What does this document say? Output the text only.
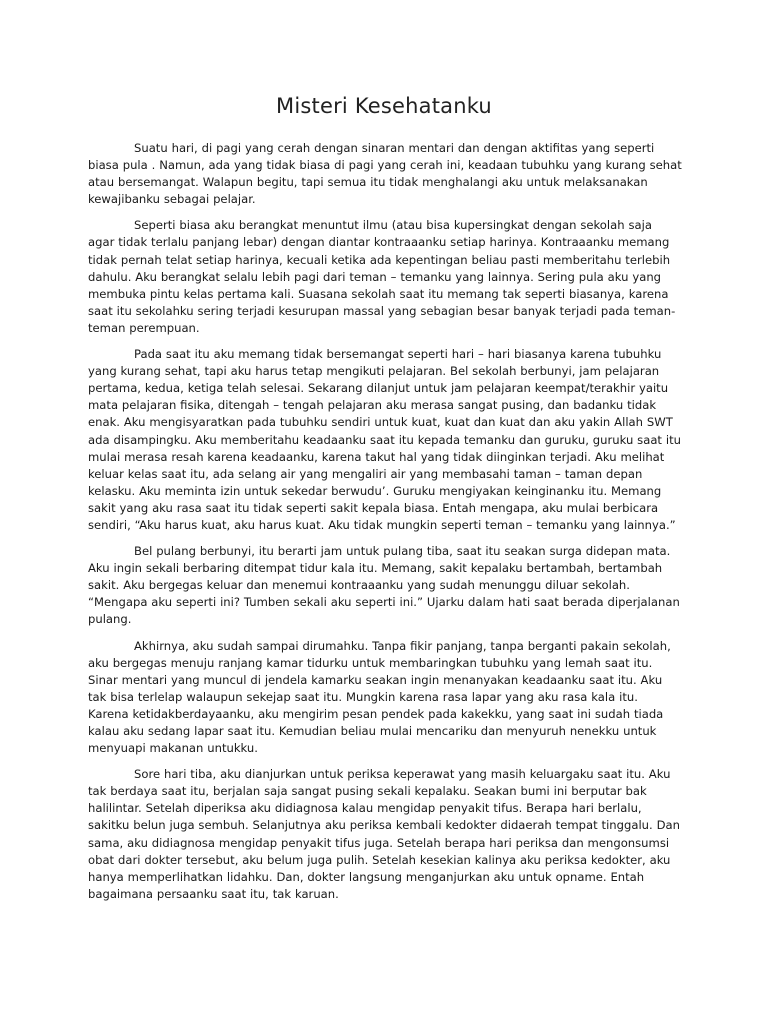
Misteri Kesehatanku

Suatu hari, di pagi yang cerah dengan sinaran mentari dan dengan aktifitas yang seperti biasa pula . Namun, ada yang tidak biasa di pagi yang cerah ini, keadaan tubuhku yang kurang sehat atau bersemangat. Walapun begitu, tapi semua itu tidak menghalangi aku untuk melaksanakan kewajibanku sebagai pelajar.

Seperti biasa aku berangkat menuntut ilmu (atau bisa kupersingkat dengan sekolah saja agar tidak terlalu panjang lebar) dengan diantar kontraaanku setiap harinya. Kontraaanku memang tidak pernah telat setiap harinya, kecuali ketika ada kepentingan beliau pasti memberitahu terlebih dahulu. Aku berangkat selalu lebih pagi dari teman – temanku yang lainnya. Sering pula aku yang membuka pintu kelas pertama kali. Suasana sekolah saat itu memang tak seperti biasanya, karena saat itu sekolahku sering terjadi kesurupan massal yang sebagian besar banyak terjadi pada teman-teman perempuan.

Pada saat itu aku memang tidak bersemangat seperti hari – hari biasanya karena tubuhku yang kurang sehat, tapi aku harus tetap mengikuti pelajaran. Bel sekolah berbunyi, jam pelajaran pertama, kedua, ketiga telah selesai. Sekarang dilanjut untuk jam pelajaran keempat/terakhir yaitu mata pelajaran fisika, ditengah – tengah pelajaran aku merasa sangat pusing, dan badanku tidak enak. Aku mengisyaratkan pada tubuhku sendiri untuk kuat, kuat dan kuat dan aku yakin Allah SWT ada disampingku. Aku memberitahu keadaanku saat itu kepada temanku dan guruku, guruku saat itu mulai merasa resah karena keadaanku, karena takut hal yang tidak diinginkan terjadi. Aku melihat keluar kelas saat itu, ada selang air yang mengaliri air yang membasahi taman – taman depan kelasku. Aku meminta izin untuk sekedar berwudu’. Guruku mengiyakan keinginanku itu. Memang sakit yang aku rasa saat itu tidak seperti sakit kepala biasa. Entah mengapa, aku mulai berbicara sendiri, “Aku harus kuat, aku harus kuat. Aku tidak mungkin seperti teman – temanku yang lainnya.”

Bel pulang berbunyi, itu berarti jam untuk pulang tiba, saat itu seakan surga didepan mata. Aku ingin sekali berbaring ditempat tidur kala itu. Memang, sakit kepalaku bertambah, bertambah sakit. Aku bergegas keluar dan menemui kontraaanku yang sudah menunggu diluar sekolah. “Mengapa aku seperti ini? Tumben sekali aku seperti ini.” Ujarku dalam hati saat berada diperjalanan pulang.

Akhirnya, aku sudah sampai dirumahku. Tanpa fikir panjang, tanpa berganti pakain sekolah, aku bergegas menuju ranjang kamar tidurku untuk membaringkan tubuhku yang lemah saat itu. Sinar mentari yang muncul di jendela kamarku seakan ingin menanyakan keadaanku saat itu. Aku tak bisa terlelap walaupun sekejap saat itu. Mungkin karena rasa lapar yang aku rasa kala itu. Karena ketidakberdayaanku, aku mengirim pesan pendek pada kakekku, yang saat ini sudah tiada kalau aku sedang lapar saat itu. Kemudian beliau mulai mencariku dan menyuruh nenekku untuk menyuapi makanan untukku.

Sore hari tiba, aku dianjurkan untuk periksa keperawat yang masih keluargaku saat itu. Aku tak berdaya saat itu, berjalan saja sangat pusing sekali kepalaku. Seakan bumi ini berputar bak halilintar. Setelah diperiksa aku didiagnosa kalau mengidap penyakit tifus. Berapa hari berlalu, sakitku belun juga sembuh. Selanjutnya aku periksa kembali kedokter didaerah tempat tinggalu. Dan sama, aku didiagnosa mengidap penyakit tifus juga. Setelah berapa hari periksa dan mengonsumsi obat dari dokter tersebut, aku belum juga pulih. Setelah kesekian kalinya aku periksa kedokter, aku hanya memperlihatkan lidahku. Dan, dokter langsung menganjurkan aku untuk opname. Entah bagaimana persaanku saat itu, tak karuan.
